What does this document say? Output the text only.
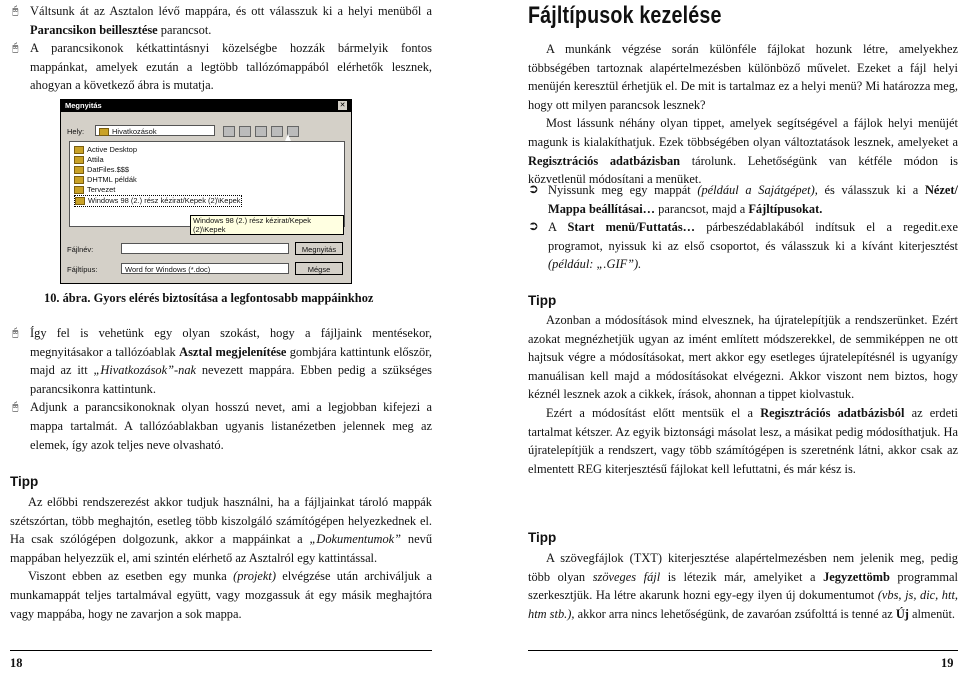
🖰 Váltsunk át az Asztalon lévő mappára, és ott válasszuk ki a helyi menüből a Parancsikon beillesztése parancsot.

🖰 A parancsikonok kétkattintásnyi közelségbe hozzák bármelyik fontos mappánkat, amelyek ezután a legtöbb tallózómappából elérhetők lesznek, ahogyan a következő ábra is mutatja.

Megnyitás	✕
Hely:	Hivatkozások
Active Desktop
Attila
DatFiles.$$$
DHTML példák
Tervezet
Windows 98 (2.) rész kézirat/Kepek (2)\Kepek
Windows 98 (2.) rész kézirat/Kepek (2)\Kepek
Fájlnév:
Fájltípus:	Word for Windows (*.doc)
Megnyitás
Mégse

10. ábra. Gyors elérés biztosítása a legfontosabb mappáinkhoz

🖰 Így fel is vehetünk egy olyan szokást, hogy a fájljaink mentésekor, megnyitásakor a tallózóablak Asztal megjelenítése gombjára kattintunk először, majd az itt „Hivatkozások”-nak nevezett mappára. Ebben pedig a szükséges parancsikonra kattintunk.

🖰 Adjunk a parancsikonoknak olyan hosszú nevet, ami a legjobban kifejezi a mappa tartalmát. A tallózóablakban ugyanis listanézetben jelennek meg az elemek, így azok teljes neve olvasható.

Tipp

Az előbbi rendszerezést akkor tudjuk használni, ha a fájljainkat tároló mappák szétszórtan, több meghajtón, esetleg több kiszolgáló számítógépen helyezkednek el. Ha csak szólógépen dolgozunk, akkor a mappáinkat a „Dokumentumok” nevű mappában helyezzük el, ami szintén elérhető az Asztalról egy kattintással.

Viszont ebben az esetben egy munka (projekt) elvégzése után archiváljuk a munkamappát teljes tartalmával együtt, vagy mozgassuk át egy másik meghajtóra vagy mappába, hogy ne zavarjon a sok mappa.

18
Fájltípusok kezelése

A munkánk végzése során különféle fájlokat hozunk létre, amelyekhez többségében tartoznak alapértelmezésben különböző művelet. Ezeket a fájl helyi menüjén keresztül érhetjük el. De mit is tartalmaz ez a helyi menü? Mi határozza meg, hogy ott milyen parancsok lesznek?

Most lássunk néhány olyan tippet, amelyek segítségével a fájlok helyi menüjét magunk is kialakíthatjuk. Ezek többségében olyan változtatások lesznek, amelyeket a Regisztrációs adatbázisban tárolunk. Lehetőségünk van kétféle módon is közvetlenül módosítani a menüket.

➲ Nyissunk meg egy mappát (például a Sajátgépet), és válasszuk ki a Nézet/ Mappa beállításai… parancsot, majd a Fájltípusokat.

➲ A Start menü/Futtatás… párbeszédablakából indítsuk el a regedit.exe programot, nyissuk ki az első csoportot, és válasszuk ki a kívánt kiterjesztést (például: „.GIF”).

Tipp

Azonban a módosítások mind elvesznek, ha újratelepítjük a rendszerünket. Ezért azokat megnézhetjük ugyan az imént említett módszerekkel, de semmiképpen ne ott hajtsuk végre a módosításokat, mert akkor egy esetleges újratelepítésnél is ugyanígy manuálisan kell majd a módosításokat elvégezni. Akkor viszont nem biztos, hogy kéznél lesznek azok a cikkek, írások, ahonnan a tippet kiolvastuk.

Ezért a módosítást előtt mentsük el a Regisztrációs adatbázisból az erdeti tartalmat kétszer. Az egyik biztonsági másolat lesz, a másikat pedig módosíthatjuk. Ha újratelepítjük a rendszert, vagy több számítógépen is szeretnénk látni, akkor csak az elmentett REG kiterjesztésű fájlokat kell lefuttatni, és már kész is.

Tipp

A szövegfájlok (TXT) kiterjesztése alapértelmezésben nem jelenik meg, pedig több olyan szöveges fájl is létezik már, amelyiket a Jegyzettömb programmal szerkesztjük. Ha létre akarunk hozni egy-egy ilyen új dokumentumot (vbs, js, dic, htt, htm stb.), akkor arra nincs lehetőségünk, de zavaróan zsúfolttá is tenné az Új almenüt.

19
